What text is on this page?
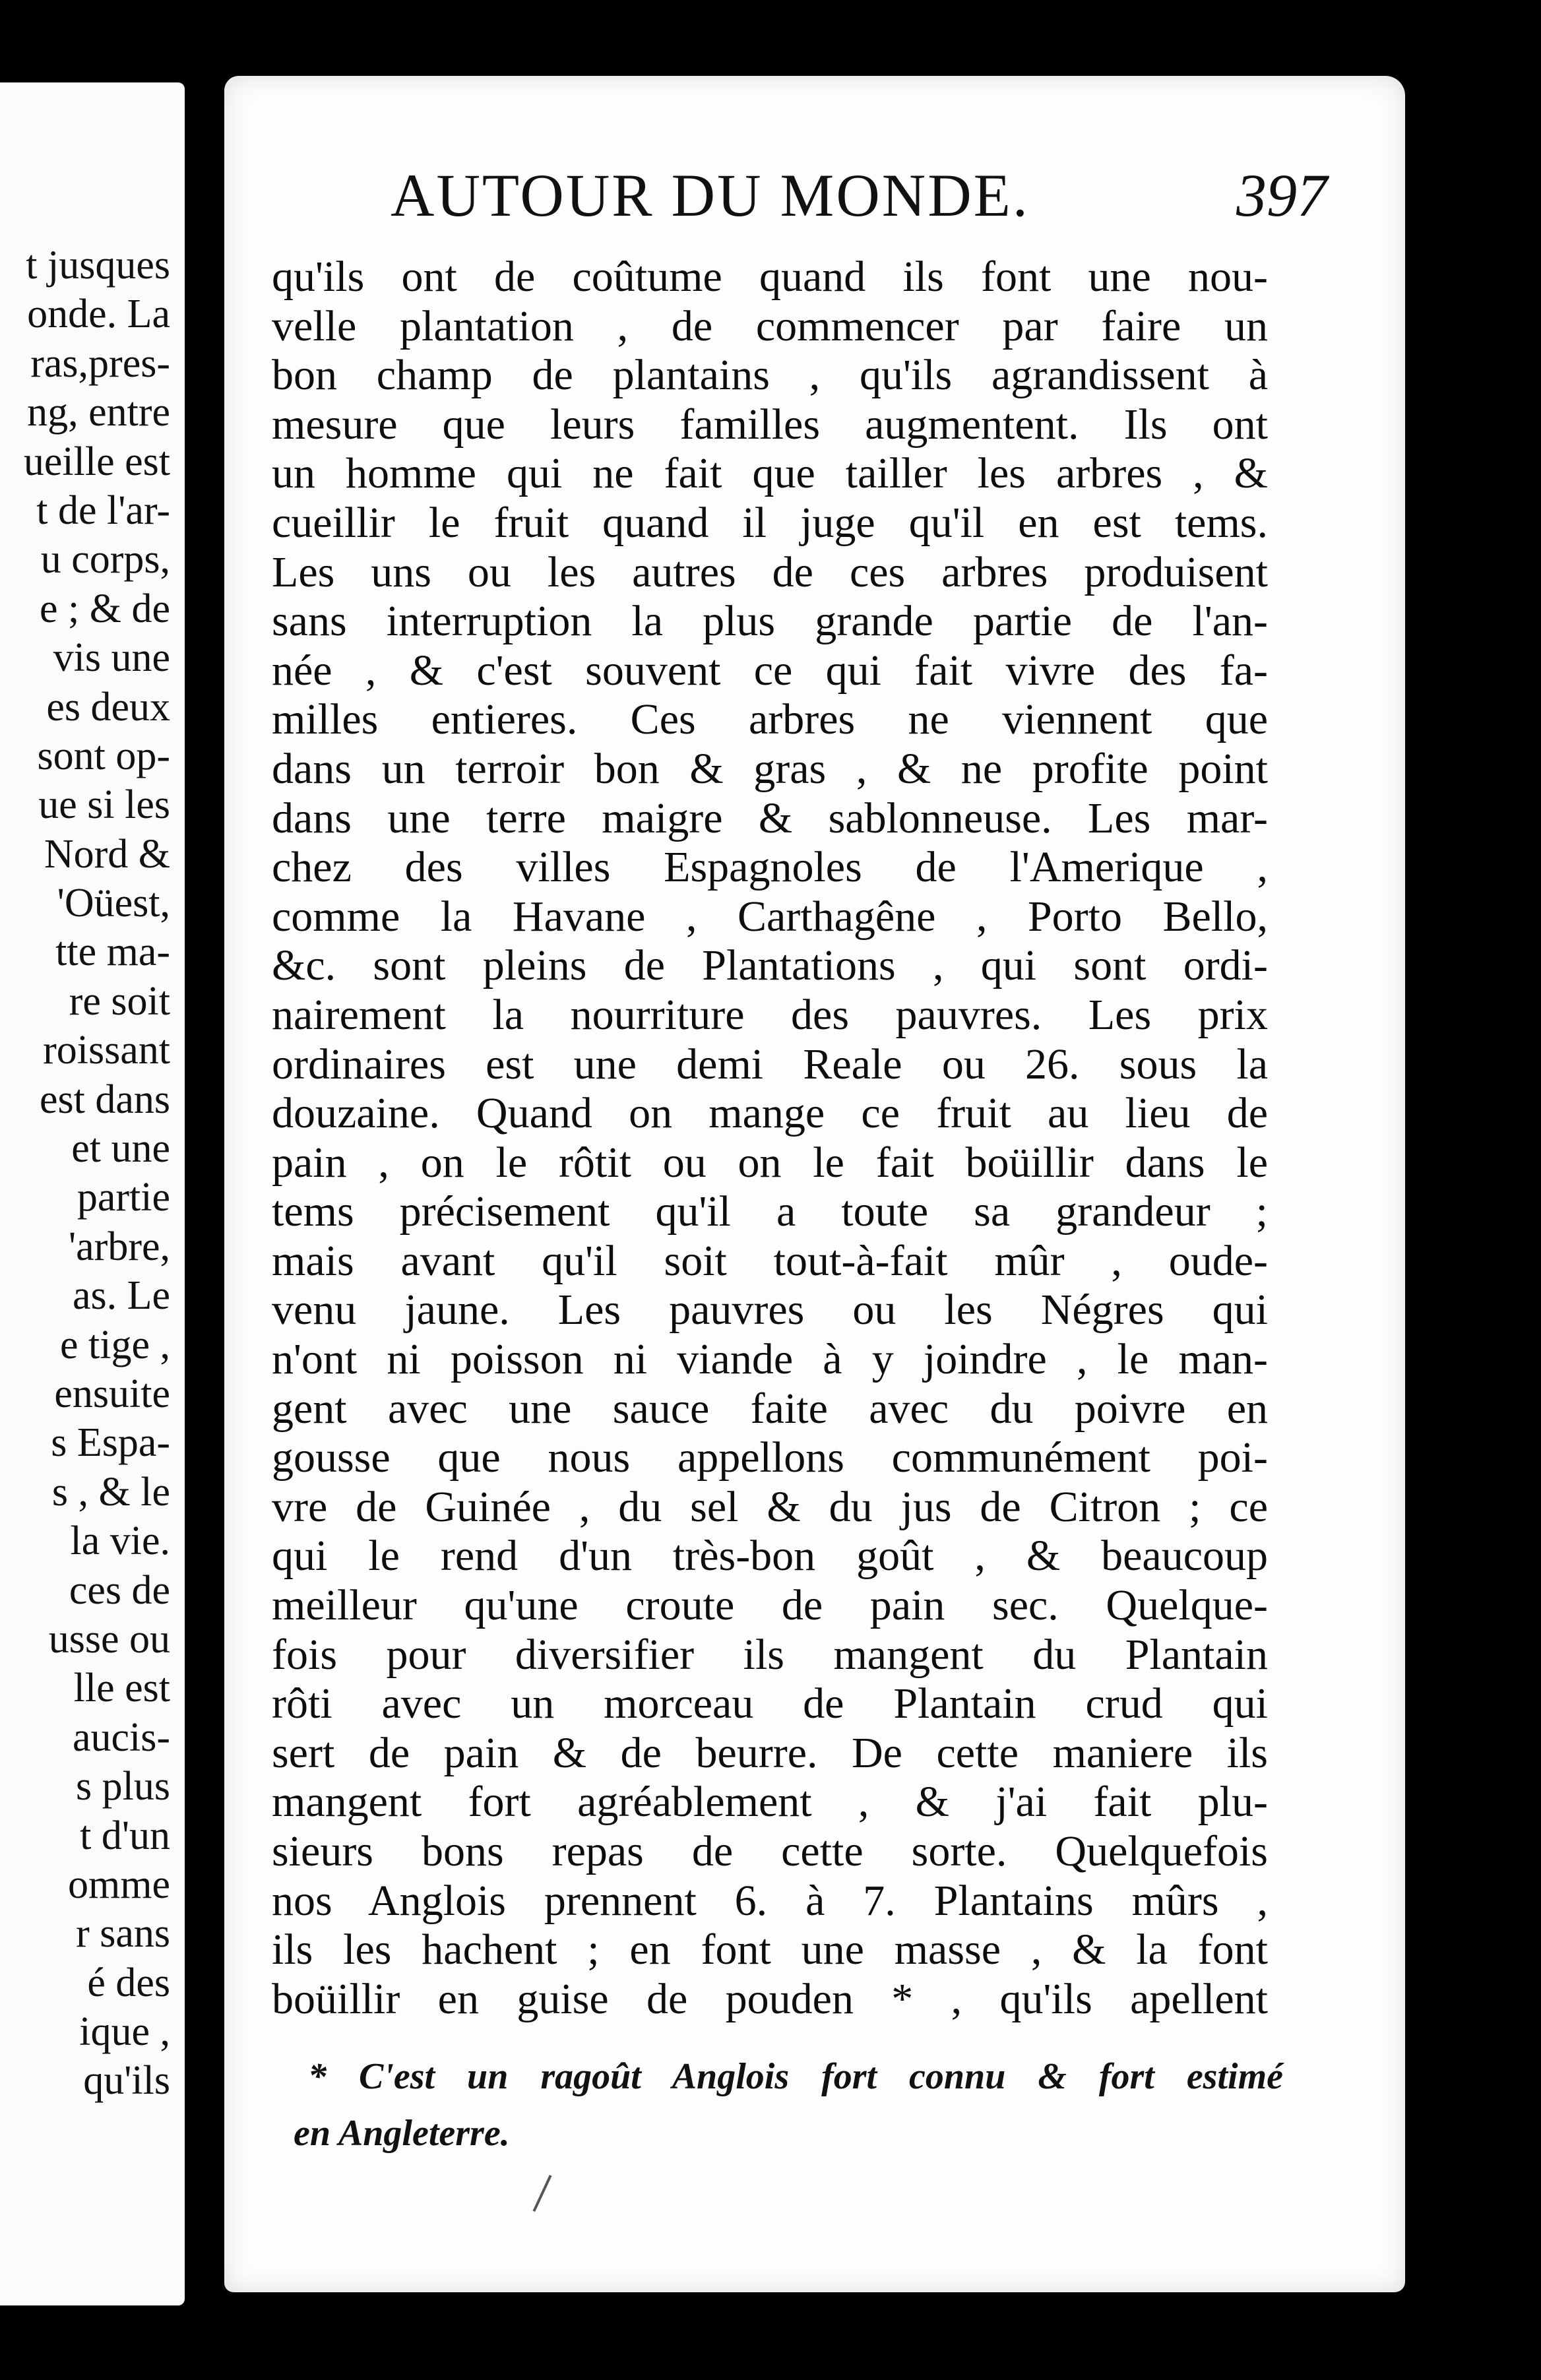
t jusques
onde. La
ras,pres-
ng, entre
ueille est
t de l'ar-
u corps,
e ; & de
vis une
es deux
sont op-
ue si les
Nord &
'Oüest,
tte ma-
re soit
roissant
est dans
et une
partie
'arbre,
as. Le
e tige ,
ensuite
s Espa-
s , & le
la vie.
ces de
usse ou
lle est
aucis-
s plus
t d'un
omme
r sans
é des
ique ,
qu'ils
AUTOUR DU MONDE.	397
qu'ils ont de coûtume quand ils font une nou-
velle plantation , de commencer par faire un
bon champ de plantains , qu'ils agrandissent à
mesure que leurs familles augmentent. Ils ont
un homme qui ne fait que tailler les arbres , &
cueillir le fruit quand il juge qu'il en est tems.
Les uns ou les autres de ces arbres produisent
sans interruption la plus grande partie de l'an-
née , & c'est souvent ce qui fait vivre des fa-
milles entieres. Ces arbres ne viennent que
dans un terroir bon & gras , & ne profite point
dans une terre maigre & sablonneuse. Les mar-
chez des villes Espagnoles de l'Amerique ,
comme la Havane , Carthagêne , Porto Bello,
&c. sont pleins de Plantations , qui sont ordi-
nairement la nourriture des pauvres. Les prix
ordinaires est une demi Reale ou 26. sous la
douzaine. Quand on mange ce fruit au lieu de
pain , on le rôtit ou on le fait boüillir dans le
tems précisement qu'il a toute sa grandeur ;
mais avant qu'il soit tout-à-fait mûr , oude-
venu jaune. Les pauvres ou les Négres qui
n'ont ni poisson ni viande à y joindre , le man-
gent avec une sauce faite avec du poivre en
gousse que nous appellons communément poi-
vre de Guinée , du sel & du jus de Citron ; ce
qui le rend d'un très-bon goût , & beaucoup
meilleur qu'une croute de pain sec. Quelque-
fois pour diversifier ils mangent du Plantain
rôti avec un morceau de Plantain crud qui
sert de pain & de beurre. De cette maniere ils
mangent fort agréablement , & j'ai fait plu-
sieurs bons repas de cette sorte. Quelquefois
nos Anglois prennent 6. à 7. Plantains mûrs ,
ils les hachent ; en font une masse , & la font
boüillir en guise de pouden * , qu'ils apellent
* C'est un ragoût Anglois fort connu & fort estimé
en Angleterre.
